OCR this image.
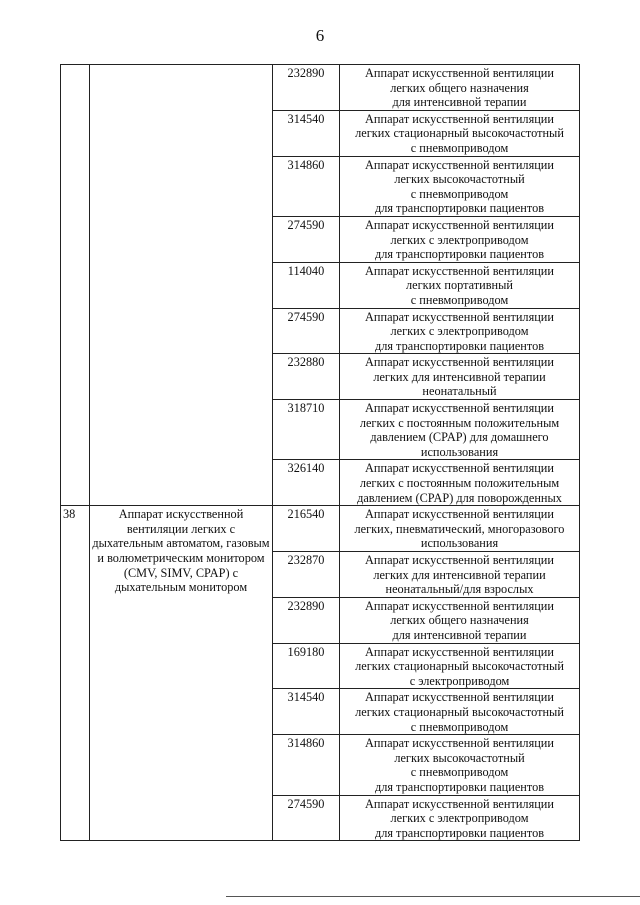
6
		232890	Аппарат искусственной вентиляции
легких общего назначения
для интенсивной терапии

		314540	Аппарат искусственной вентиляции
легких стационарный высокочастотный
с пневмоприводом

		314860	Аппарат искусственной вентиляции
легких высокочастотный
с пневмоприводом
для транспортировки пациентов

		274590	Аппарат искусственной вентиляции
легких с электроприводом
для транспортировки пациентов

		114040	Аппарат искусственной вентиляции
легких портативный
с пневмоприводом

		274590	Аппарат искусственной вентиляции
легких с электроприводом
для транспортировки пациентов

		232880	Аппарат искусственной вентиляции
легких для интенсивной терапии
неонатальный

		318710	Аппарат искусственной вентиляции
легких с постоянным положительным
давлением (CPAP) для домашнего
использования

		326140	Аппарат искусственной вентиляции
легких с постоянным положительным
давлением (CPAP) для поворожденных

38	Аппарат искусственной вентиляции легких с дыхательным автоматом, газовым и волюметрическим монитором (CMV, SIMV, CPAP) с дыхательным монитором	216540	Аппарат искусственной вентиляции
легких, пневматический, многоразового
использования

		232870	Аппарат искусственной вентиляции
легких для интенсивной терапии
неонатальный/для взрослых

		232890	Аппарат искусственной вентиляции
легких общего назначения
для интенсивной терапии

		169180	Аппарат искусственной вентиляции
легких стационарный высокочастотный
с электроприводом

		314540	Аппарат искусственной вентиляции
легких стационарный высокочастотный
с пневмоприводом

		314860	Аппарат искусственной вентиляции
легких высокочастотный
с пневмоприводом
для транспортировки пациентов

		274590	Аппарат искусственной вентиляции
легких с электроприводом
для транспортировки пациентов
